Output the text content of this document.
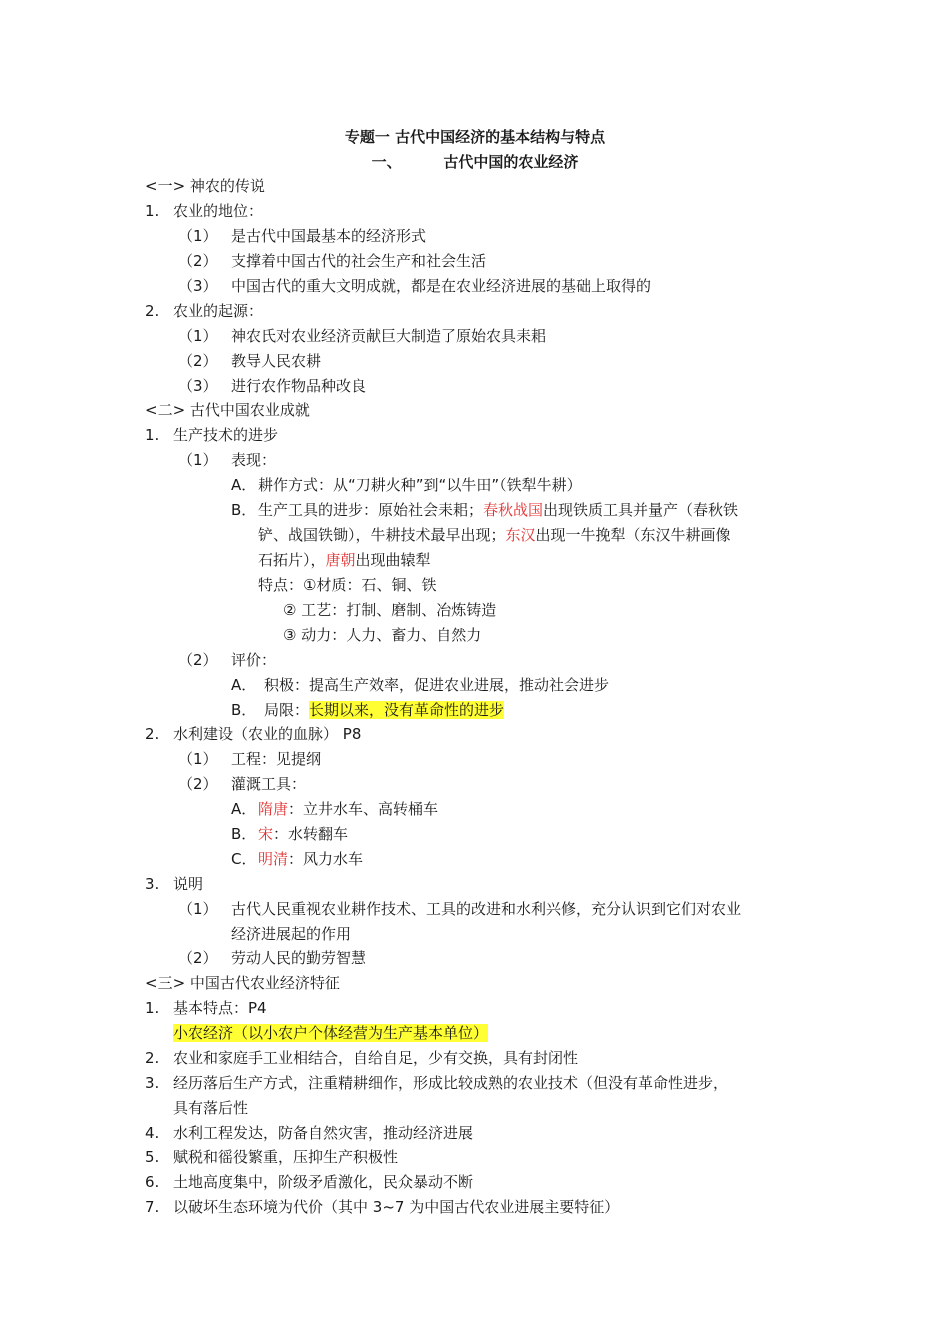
专题一 古代中国经济的基本结构与特点
一、        古代中国的农业经济
<一> 神农的传说
1. 农业的地位：
（1） 是古代中国最基本的经济形式
（2） 支撑着中国古代的社会生产和社会生活
（3） 中国古代的重大文明成就，都是在农业经济进展的基础上取得的
2. 农业的起源：
（1） 神农氏对农业经济贡献巨大制造了原始农具耒耜
（2） 教导人民农耕
（3） 进行农作物品种改良
<二> 古代中国农业成就
1. 生产技术的进步
（1） 表现：
A． 耕作方式：从“刀耕火种”到“以牛田”（铁犁牛耕）
B． 生产工具的进步：原始社会耒耜；春秋战国出现铁质工具并量产（春秋铁
铲、战国铁锄），牛耕技术最早出现；东汉出现一牛挽犁（东汉牛耕画像
石拓片），唐朝出现曲辕犁
特点：①材质：石、铜、铁
② 工艺：打制、磨制、冶炼铸造
③ 动力：人力、畜力、自然力
（2） 评价：
A． 积极：提高生产效率，促进农业进展，推动社会进步
B． 局限：长期以来，没有革命性的进步
2. 水利建设（农业的血脉） P8
（1） 工程：见提纲
（2） 灌溉工具：
A． 隋唐：立井水车、高转桶车
B． 宋：水转翻车
C． 明清：风力水车
3. 说明
（1） 古代人民重视农业耕作技术、工具的改进和水利兴修，充分认识到它们对农业
经济进展起的作用
（2） 劳动人民的勤劳智慧
<三> 中国古代农业经济特征
1. 基本特点：P4
小农经济（以小农户个体经营为生产基本单位）
2. 农业和家庭手工业相结合，自给自足，少有交换，具有封闭性
3. 经历落后生产方式，注重精耕细作，形成比较成熟的农业技术（但没有革命性进步，
具有落后性
4. 水利工程发达，防备自然灾害，推动经济进展
5. 赋税和徭役繁重，压抑生产积极性
6. 土地高度集中，阶级矛盾激化，民众暴动不断
7. 以破坏生态环境为代价（其中 3~7 为中国古代农业进展主要特征）
